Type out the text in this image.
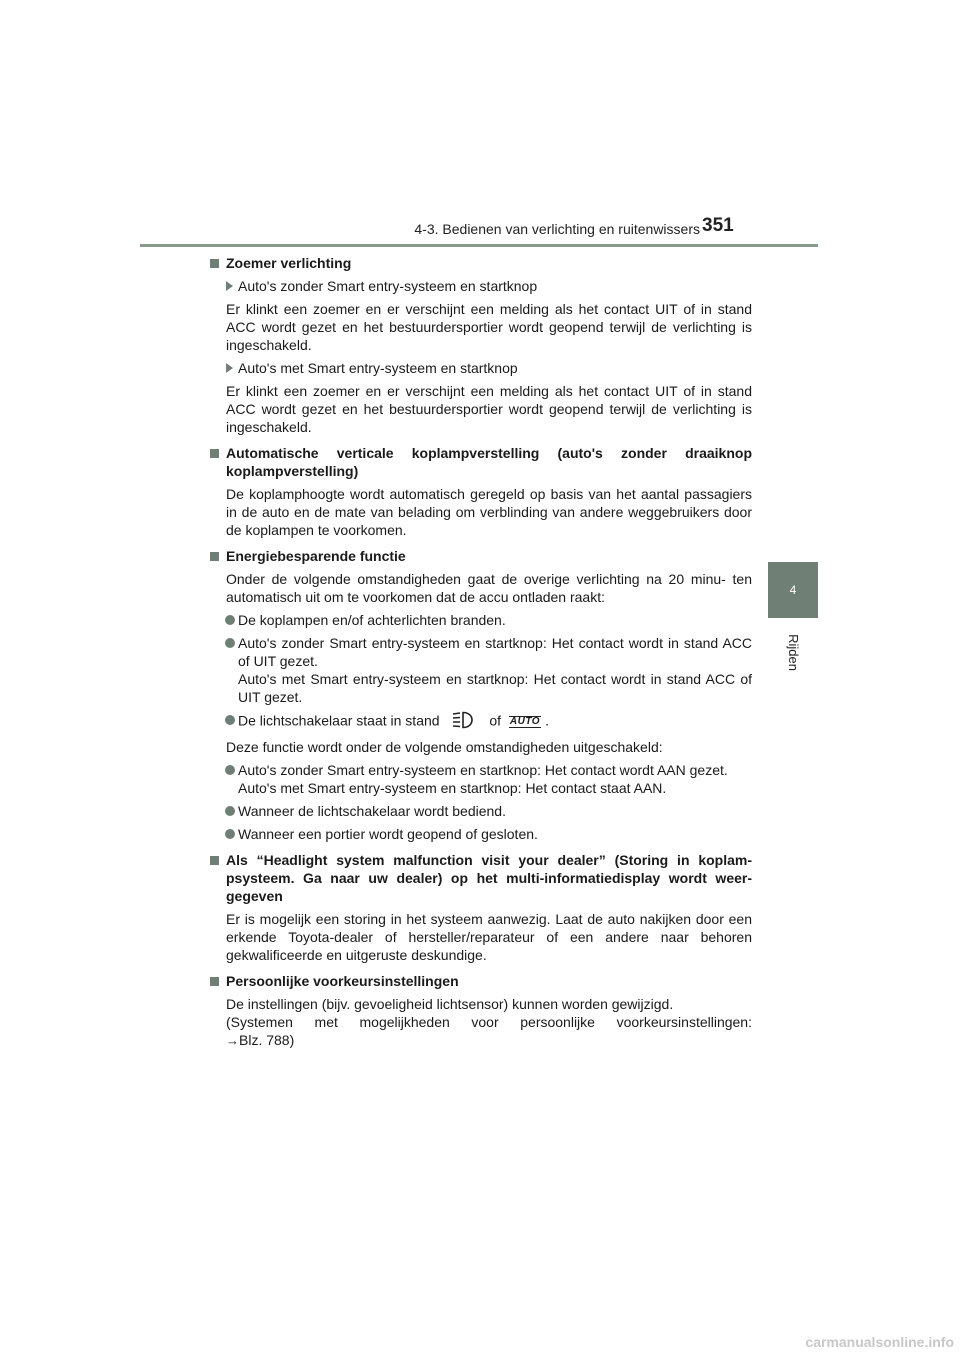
4-3. Bedienen van verlichting en ruitenwissers 351
4
Rijden
Zoemer verlichting
Auto's zonder Smart entry-systeem en startknop
Er klinkt een zoemer en er verschijnt een melding als het contact UIT of in stand ACC wordt gezet en het bestuurdersportier wordt geopend terwijl de verlichting is ingeschakeld.
Auto's met Smart entry-systeem en startknop
Er klinkt een zoemer en er verschijnt een melding als het contact UIT of in stand ACC wordt gezet en het bestuurdersportier wordt geopend terwijl de verlichting is ingeschakeld.
Automatische verticale koplampverstelling (auto's zonder draaiknop koplampverstelling)
De koplamphoogte wordt automatisch geregeld op basis van het aantal passagiers in de auto en de mate van belading om verblinding van andere weggebruikers door de koplampen te voorkomen.
Energiebesparende functie
Onder de volgende omstandigheden gaat de overige verlichting na 20 minu- ten automatisch uit om te voorkomen dat de accu ontladen raakt:
De koplampen en/of achterlichten branden.
Auto's zonder Smart entry-systeem en startknop: Het contact wordt in stand ACC of UIT gezet.
Auto's met Smart entry-systeem en startknop: Het contact wordt in stand ACC of UIT gezet.
De lichtschakelaar staat in stand	of AUTO .
Deze functie wordt onder de volgende omstandigheden uitgeschakeld:
Auto's zonder Smart entry-systeem en startknop: Het contact wordt AAN gezet.
Auto's met Smart entry-systeem en startknop: Het contact staat AAN.
Wanneer de lichtschakelaar wordt bediend.
Wanneer een portier wordt geopend of gesloten.
Als “Headlight system malfunction visit your dealer” (Storing in koplam- psysteem. Ga naar uw dealer) op het multi-informatiedisplay wordt weer- gegeven
Er is mogelijk een storing in het systeem aanwezig. Laat de auto nakijken door een erkende Toyota-dealer of hersteller/reparateur of een andere naar behoren gekwalificeerde en uitgeruste deskundige.
Persoonlijke voorkeursinstellingen
De instellingen (bijv. gevoeligheid lichtsensor) kunnen worden gewijzigd.
(Systemen met mogelijkheden voor persoonlijke voorkeursinstellingen:
→Blz. 788)
carmanualsonline.info
